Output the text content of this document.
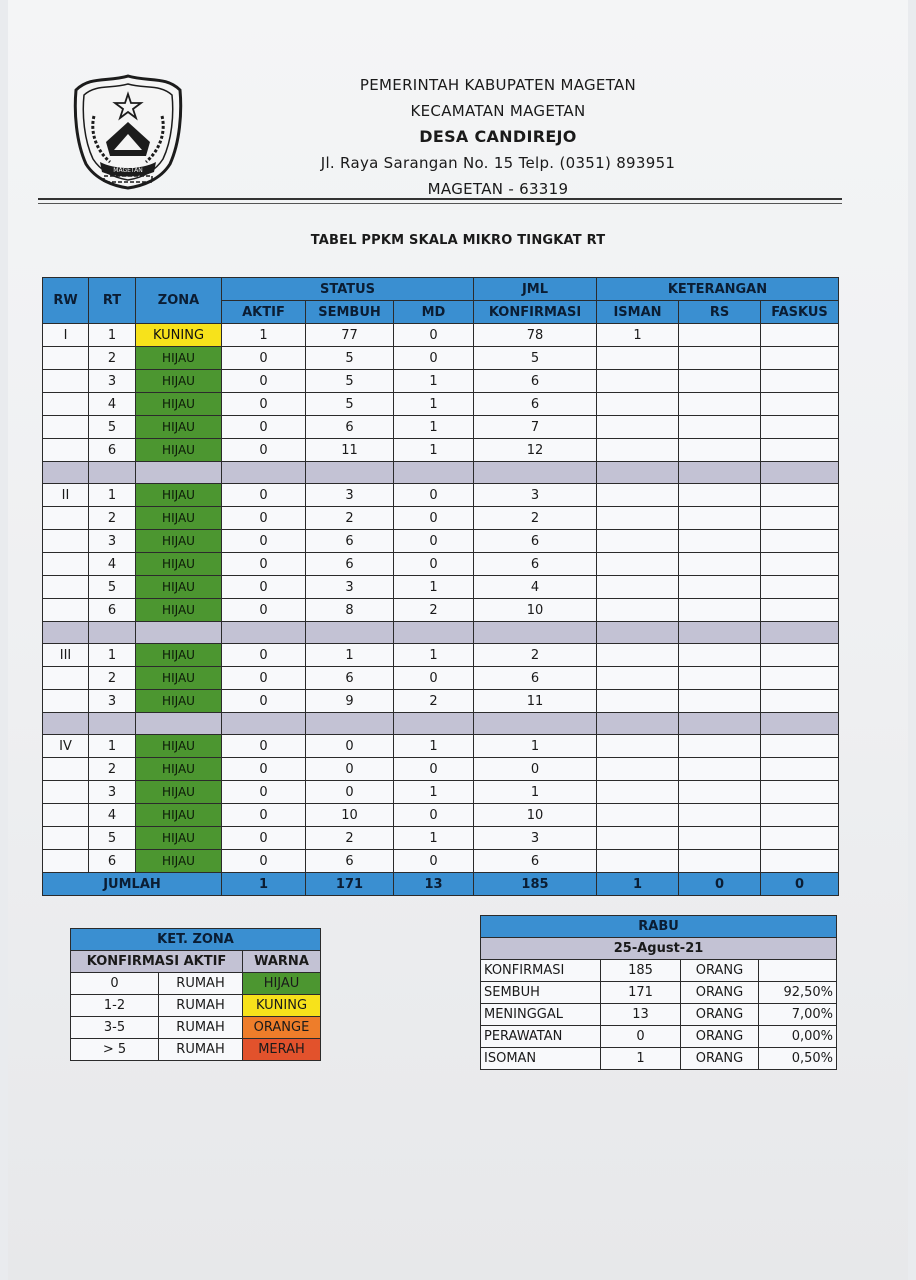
MAGETAN
PEMERINTAH KABUPATEN MAGETAN
KECAMATAN MAGETAN
DESA CANDIREJO
Jl. Raya Sarangan No. 15 Telp. (0351) 893951
MAGETAN - 63319
TABEL PPKM SKALA MIKRO TINGKAT RT
RW	RT	ZONA	STATUS			JML	KETERANGAN		
			AKTIF	SEMBUH	MD	KONFIRMASI	ISMAN	RS	FASKUS
I	1	KUNING	1	77	0	78	1		
	2	HIJAU	0	5	0	5			
	3	HIJAU	0	5	1	6			
	4	HIJAU	0	5	1	6			
	5	HIJAU	0	6	1	7			
	6	HIJAU	0	11	1	12			

II	1	HIJAU	0	3	0	3			
	2	HIJAU	0	2	0	2			
	3	HIJAU	0	6	0	6			
	4	HIJAU	0	6	0	6			
	5	HIJAU	0	3	1	4			
	6	HIJAU	0	8	2	10			

III	1	HIJAU	0	1	1	2			
	2	HIJAU	0	6	0	6			
	3	HIJAU	0	9	2	11			

IV	1	HIJAU	0	0	1	1			
	2	HIJAU	0	0	0	0			
	3	HIJAU	0	0	1	1			
	4	HIJAU	0	10	0	10			
	5	HIJAU	0	2	1	3			
	6	HIJAU	0	6	0	6			
JUMLAH			1	171	13	185	1	0	0
KET. ZONA		
KONFIRMASI AKTIF		WARNA
0	RUMAH	HIJAU
1-2	RUMAH	KUNING
3-5	RUMAH	ORANGE
> 5	RUMAH	MERAH
RABU			
25-Agust-21			
KONFIRMASI	185	ORANG	
SEMBUH	171	ORANG	92,50%
MENINGGAL	13	ORANG	7,00%
PERAWATAN	0	ORANG	0,00%
ISOMAN	1	ORANG	0,50%
